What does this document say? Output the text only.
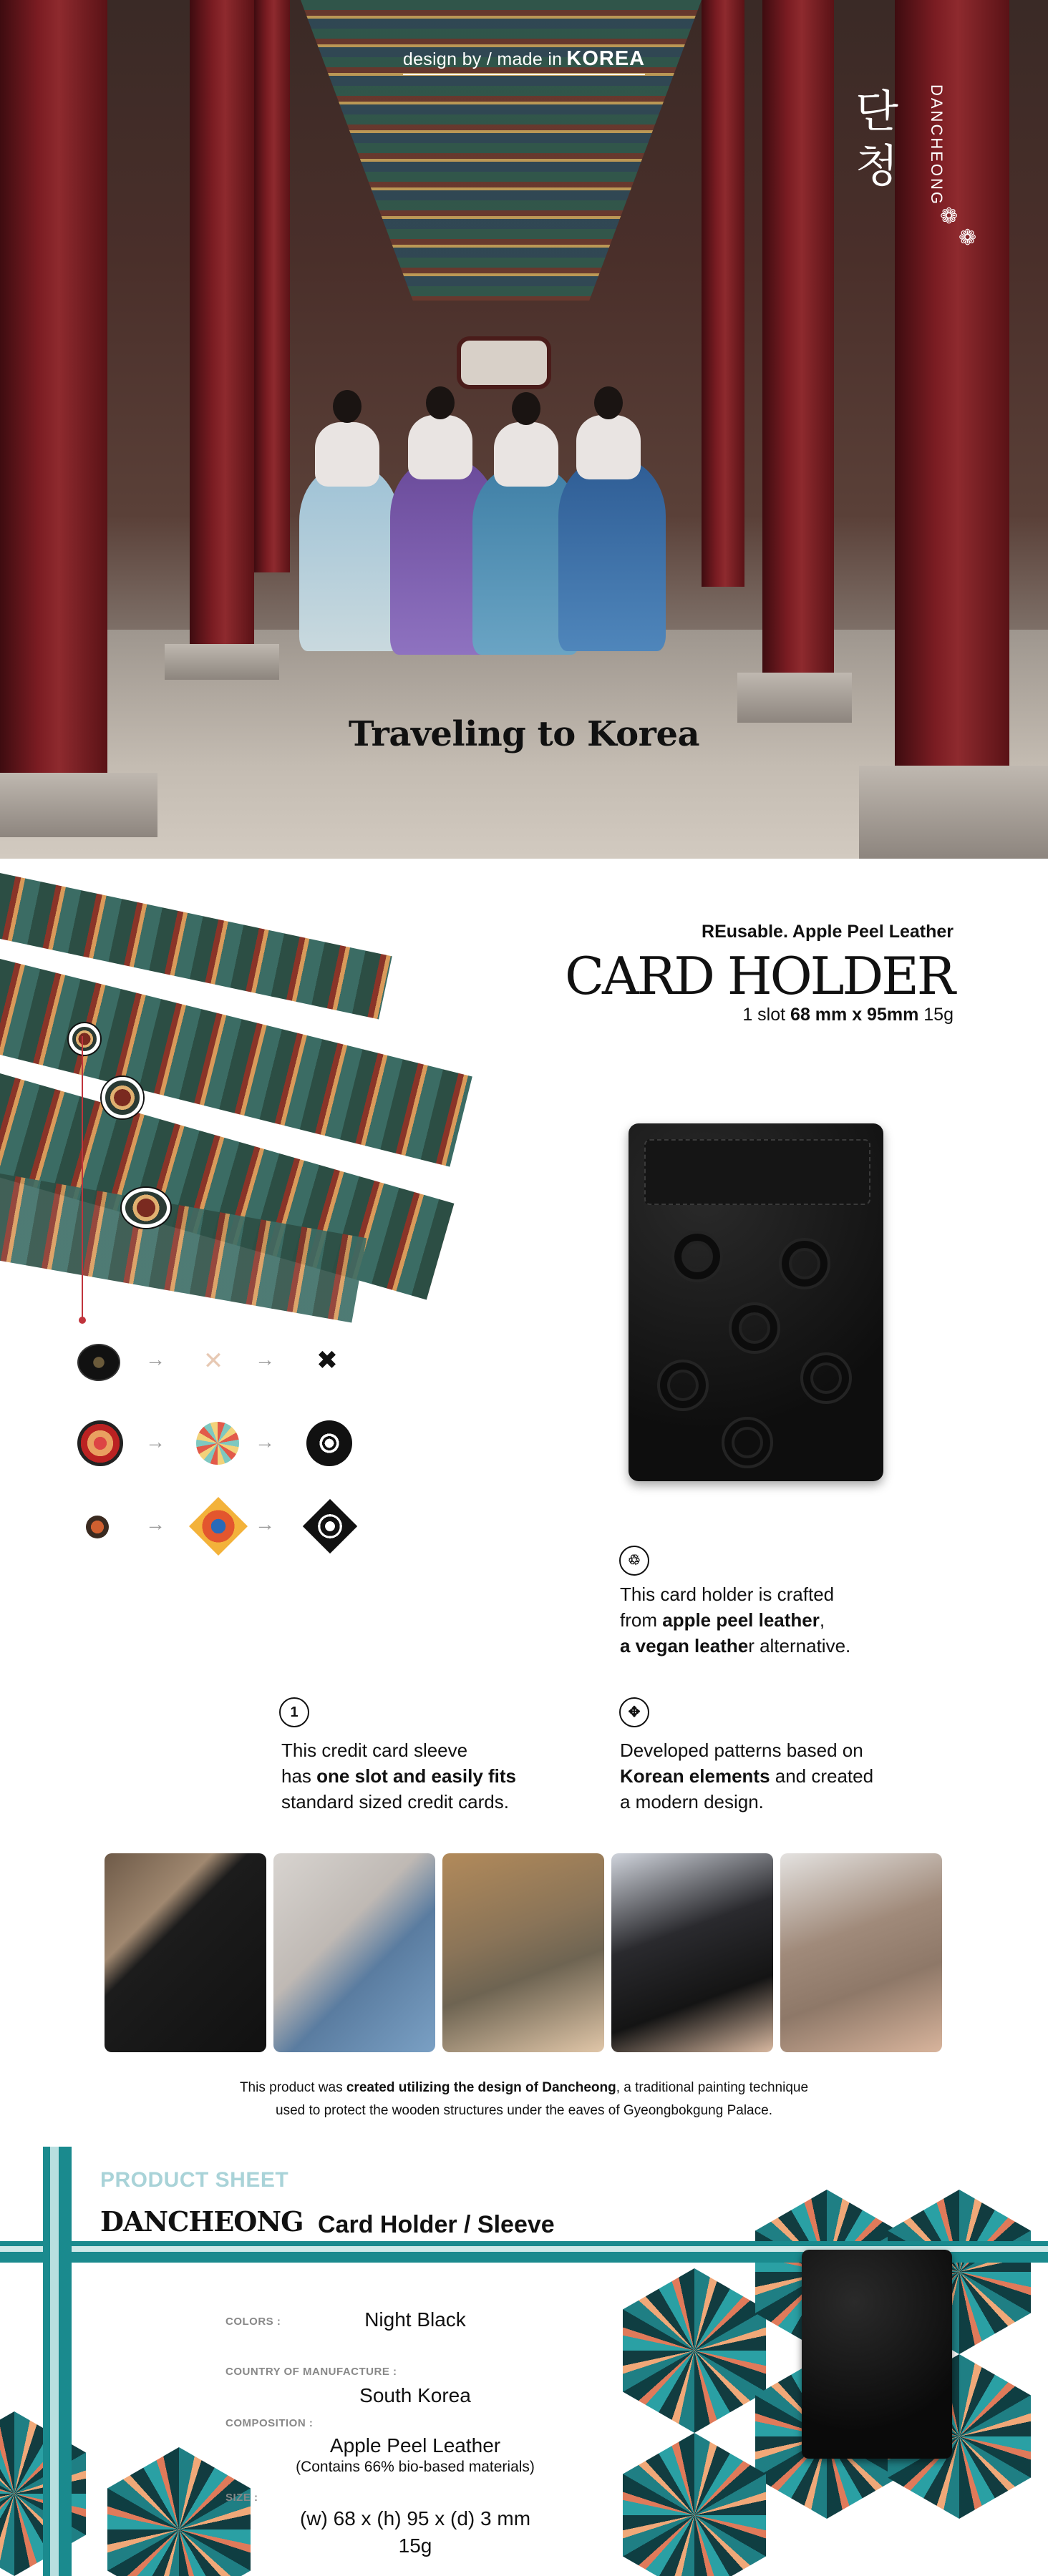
design by / made in KOREA
단 청	DANCHEONG
❁
❁
Traveling to Korea
REusable. Apple Peel Leather
CARD HOLDER
1 slot 68 mm x 95mm 15g
→ ✕ → ✖
→	→
→	→
♲
This card holder is crafted
from apple peel leather,
a vegan leather alternative.
1
This credit card sleeve
has one slot and easily fits
standard sized credit cards.
✥
Developed patterns based on
Korean elements and created
a modern design.
This product was created utilizing the design of Dancheong, a traditional painting technique
used to protect the wooden structures under the eaves of Gyeongbokgung Palace.
PRODUCT SHEET
DANCHEONG Card Holder / Sleeve
COLORS :	Night Black
COUNTRY OF MANUFACTURE :
South Korea
COMPOSITION :
Apple Peel Leather
(Contains 66% bio-based materials)
SIZE :
(w) 68 x (h) 95 x (d) 3 mm
15g
